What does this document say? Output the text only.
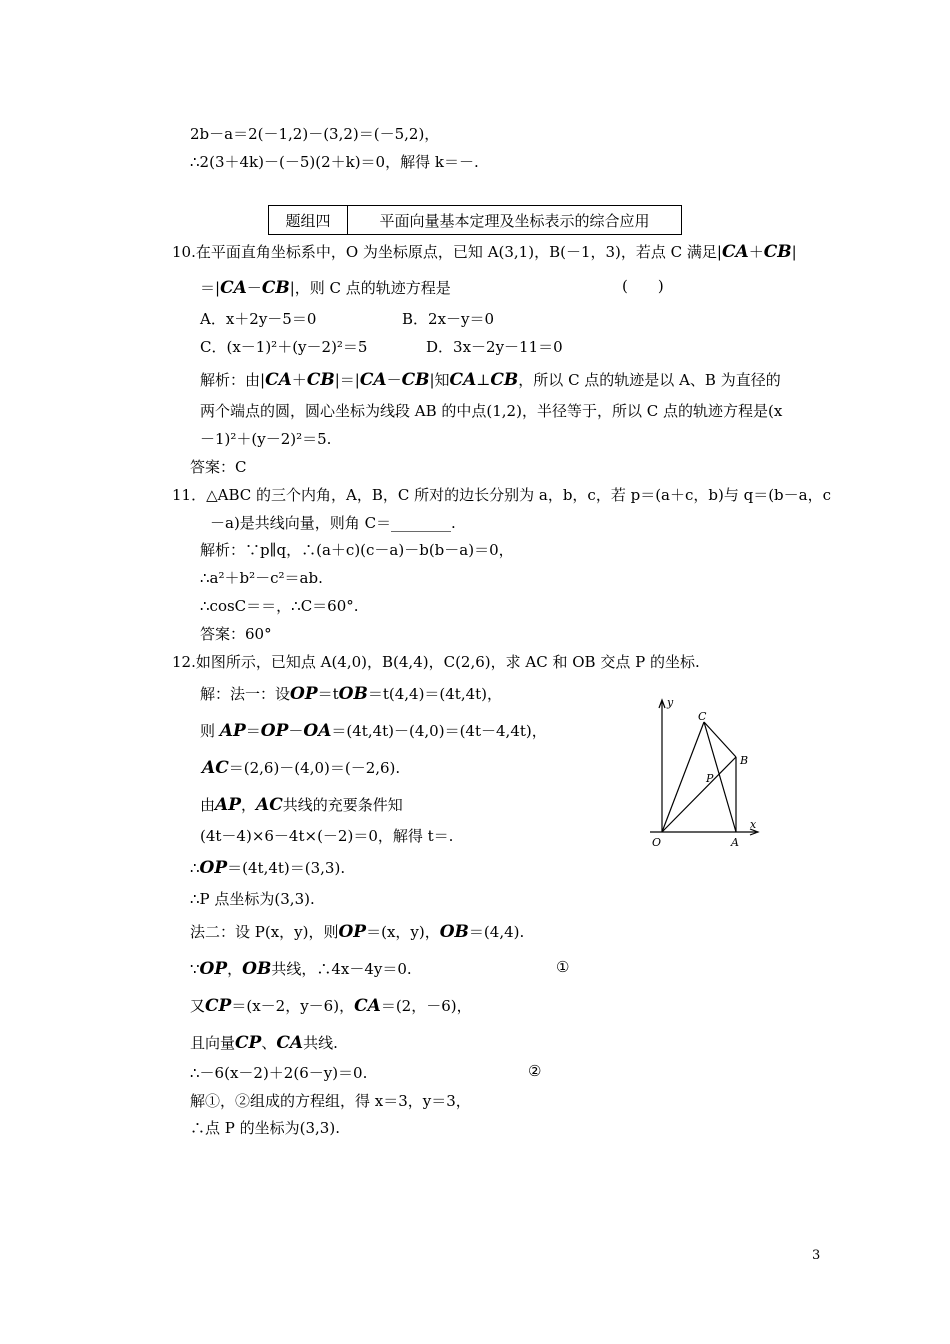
2b－a＝2(－1,2)－(3,2)＝(－5,2)，
∴2(3＋4k)－(－5)(2＋k)＝0，解得 k＝－.
题组四	平面向量基本定理及坐标表示的综合应用
10.在平面直角坐标系中，O 为坐标原点，已知 A(3,1)，B(－1，3)，若点 C 满足|CA＋CB|
＝|CA－CB|，则 C 点的轨迹方程是	(　　)
A．x＋2y－5＝0	B．2x－y＝0
C．(x－1)²＋(y－2)²＝5	D．3x－2y－11＝0
解析：由|CA＋CB|＝|CA－CB|知CA⊥CB，所以 C 点的轨迹是以 A、B 为直径的
两个端点的圆，圆心坐标为线段 AB 的中点(1,2)，半径等于，所以 C 点的轨迹方程是(x
－1)²＋(y－2)²＝5.
答案：C
11．△ABC 的三个内角，A，B，C 所对的边长分别为 a，b，c，若 p＝(a＋c，b)与 q＝(b－a，c
－a)是共线向量，则角 C＝________.
解析：∵p∥q，∴(a＋c)(c－a)－b(b－a)＝0，
∴a²＋b²－c²＝ab.
∴cosC＝＝，∴C＝60°.
答案：60°
12.如图所示，已知点 A(4,0)，B(4,4)，C(2,6)，求 AC 和 OB 交点 P 的坐标.
解：法一：设OP＝tOB＝t(4,4)＝(4t,4t)，
则 AP＝OP－OA＝(4t,4t)－(4,0)＝(4t－4,4t)，
AC＝(2,6)－(4,0)＝(－2,6).
由AP，AC共线的充要条件知
(4t－4)×6－4t×(－2)＝0，解得 t＝.
∴OP＝(4t,4t)＝(3,3).
∴P 点坐标为(3,3).
法二：设 P(x，y)，则OP＝(x，y)，OB＝(4,4).
∵OP，OB共线，∴4x－4y＝0.	①
又CP＝(x－2，y－6)，CA＝(2，－6)，
且向量CP、CA共线.
∴－6(x－2)＋2(6－y)＝0.	②
解①，②组成的方程组，得 x＝3，y＝3，
∴点 P 的坐标为(3,3).
y
x
O	A
B
C
P
3
